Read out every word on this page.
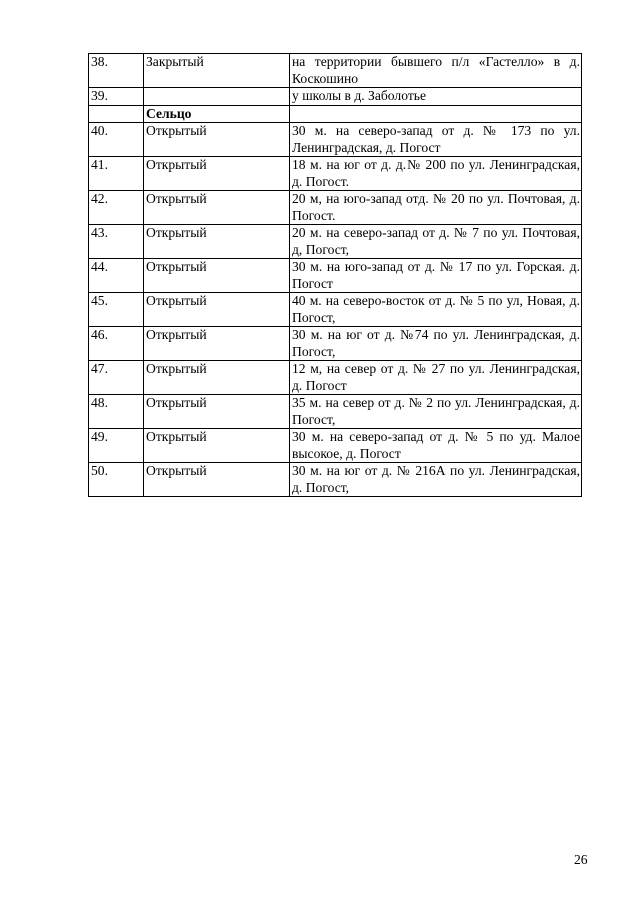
38.	Закрытый	на территории бывшего п/л «Гастелло» в д. Коскошино
39.		у школы в д. Заболотье
	Сельцо	
40.	Открытый	30 м. на северо-запад от д. № 173 по ул. Ленинградская, д. Погост
41.	Открытый	18 м. на юг от д. д.№ 200 по ул. Ленинградская, д. Погост.
42.	Открытый	20 м, на юго-запад отд. № 20 по ул. Почтовая, д. Погост.
43.	Открытый	20 м. на северо-запад от д. № 7 по ул. Почтовая, д, Погост,
44.	Открытый	30 м. на юго-запад от д. № 17 по ул. Горская. д. Погост
45.	Открытый	40 м. на северо-восток от д. № 5 по ул, Новая, д. Погост,
46.	Открытый	30 м. на юг от д. №74 по ул. Ленинградская, д. Погост,
47.	Открытый	12 м, на север от д. № 27 по ул. Ленинградская, д. Погост
48.	Открытый	35 м. на север от д. № 2 по ул. Ленинградская, д. Погост,
49.	Открытый	30 м. на северо-запад от д. № 5 по уд. Малое высокое, д. Погост
50.	Открытый	30 м. на юг от д. № 216А по ул. Ленинградская, д. Погост,
26
